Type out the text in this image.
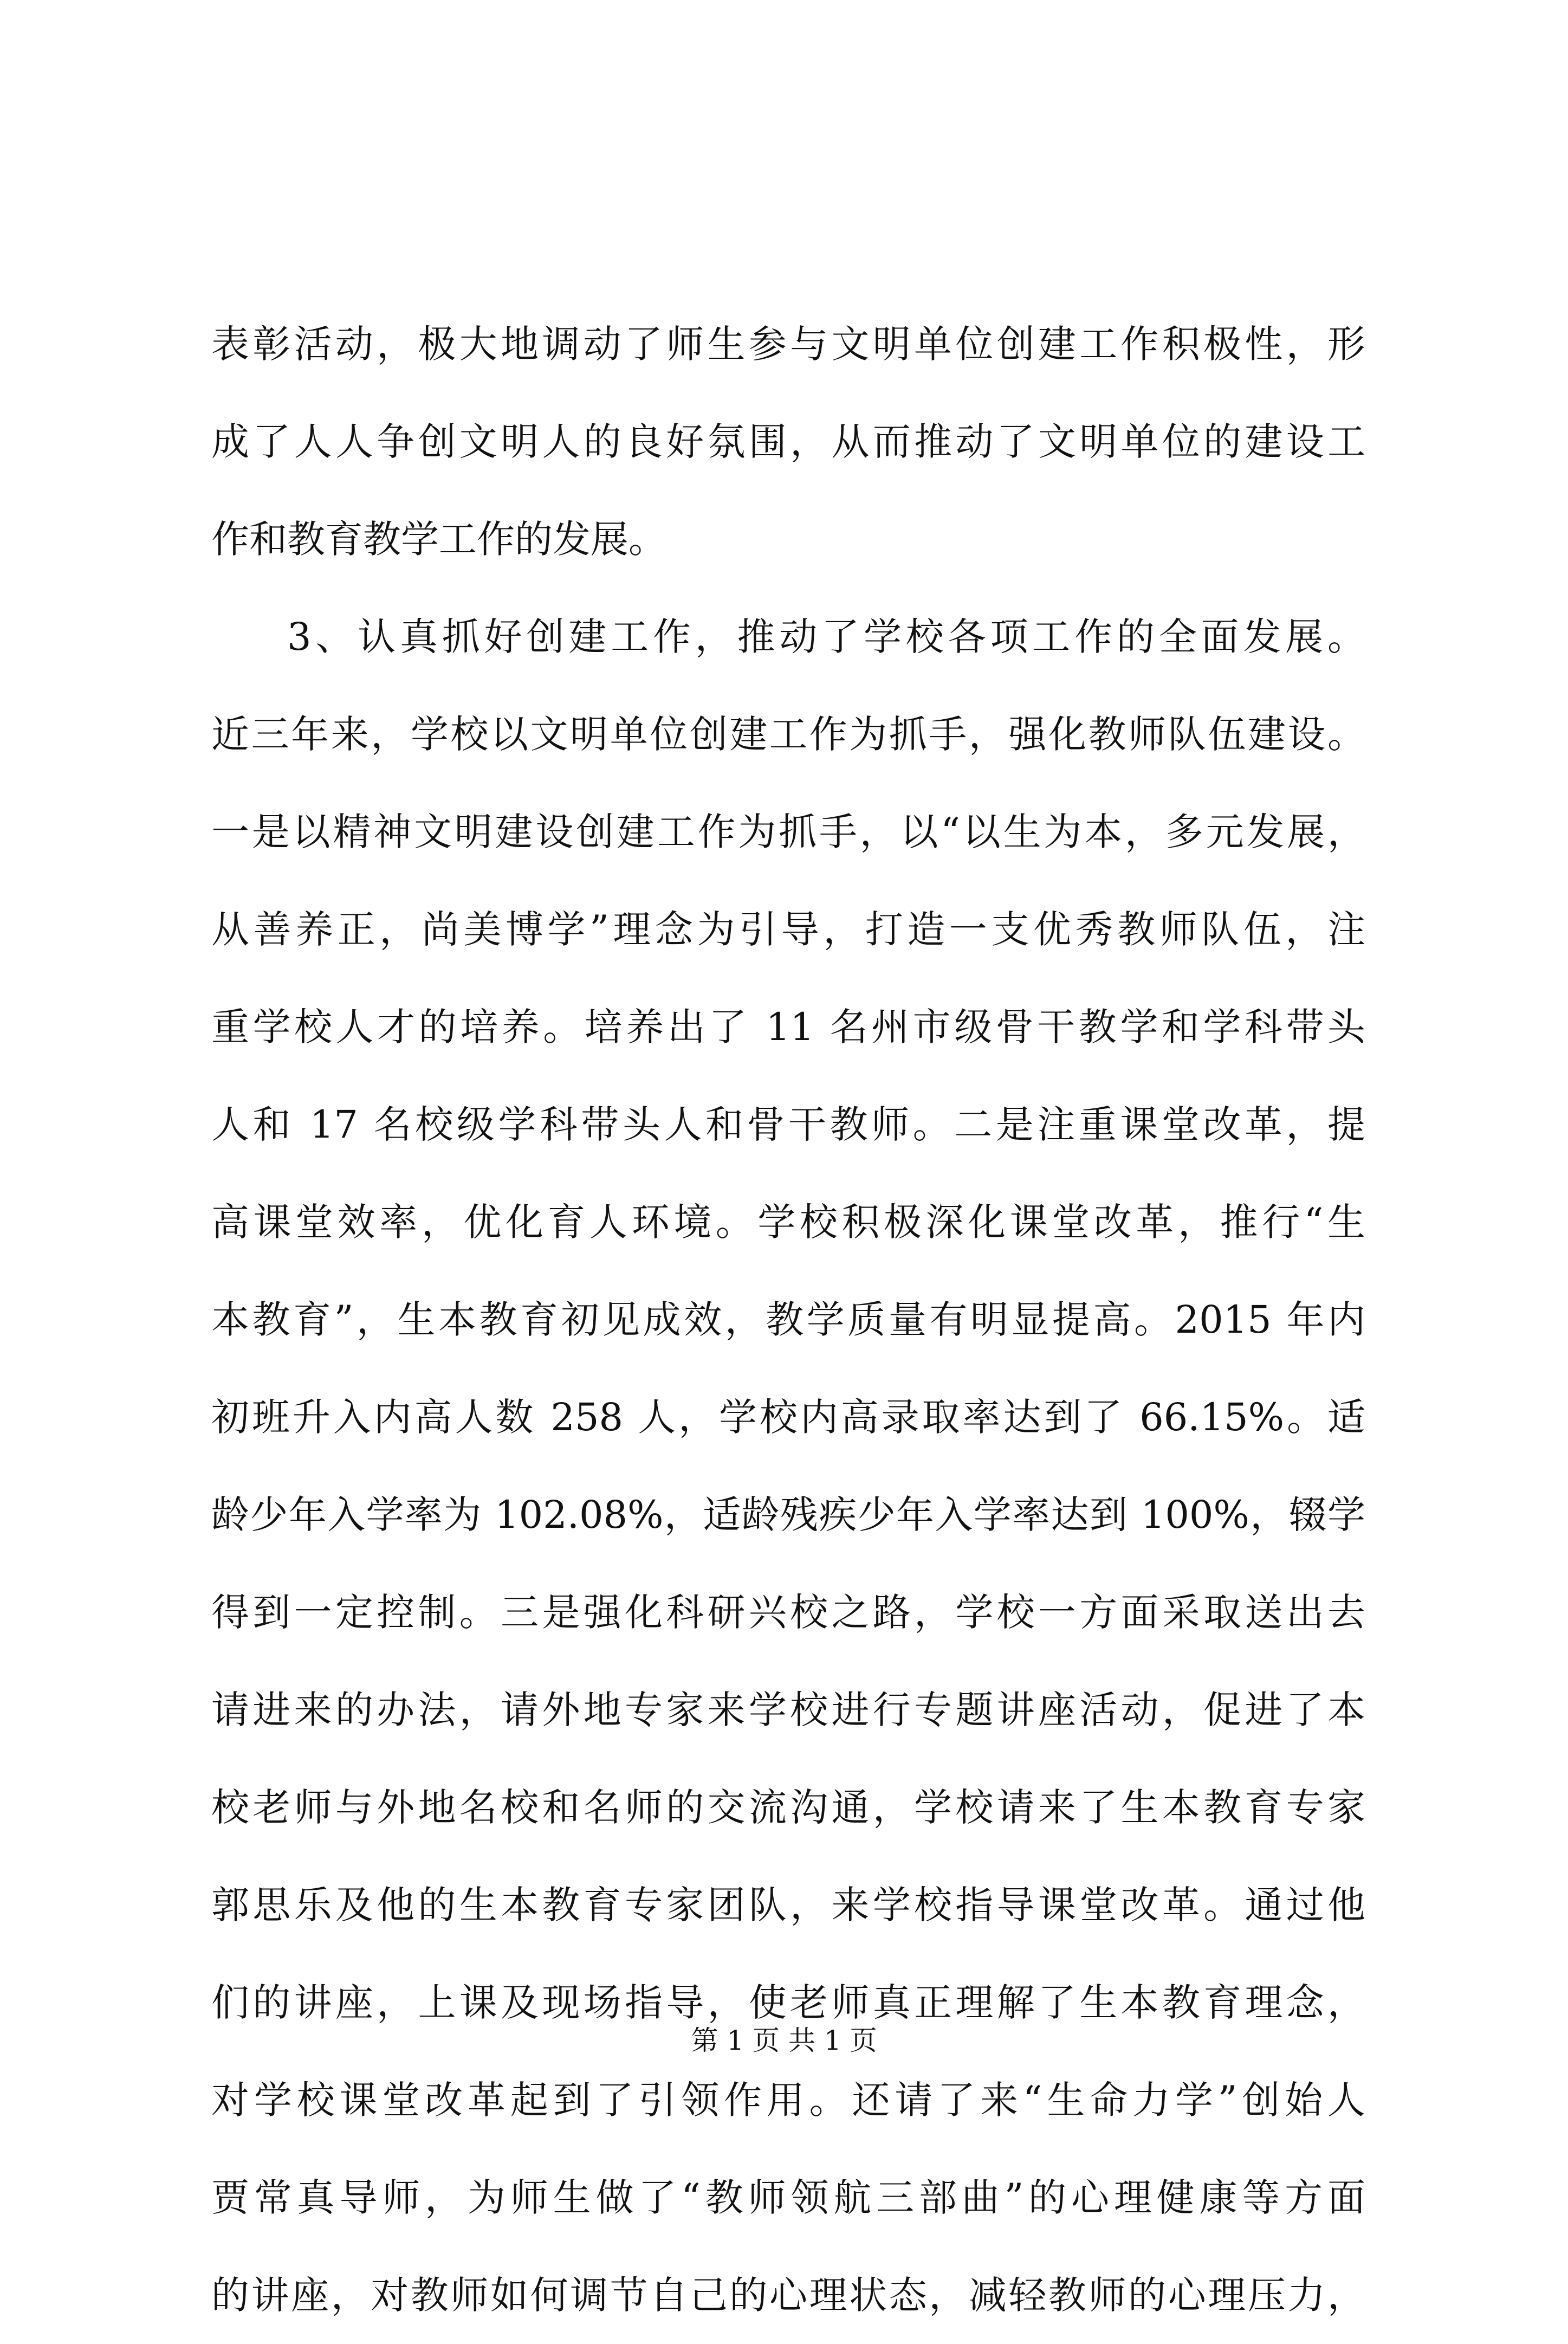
表彰活动，极大地调动了师生参与文明单位创建工作积极性，形
成了人人争创文明人的良好氛围，从而推动了文明单位的建设工
作和教育教学工作的发展。
3、认真抓好创建工作，推动了学校各项工作的全面发展。
近三年来，学校以文明单位创建工作为抓手，强化教师队伍建设。
一是以精神文明建设创建工作为抓手，以“以生为本，多元发展，
从善养正，尚美博学”理念为引导，打造一支优秀教师队伍，注
重学校人才的培养。培养出了 11 名州市级骨干教学和学科带头
人和 17 名校级学科带头人和骨干教师。二是注重课堂改革，提
高课堂效率，优化育人环境。学校积极深化课堂改革，推行“生
本教育”，生本教育初见成效，教学质量有明显提高。2015 年内
初班升入内高人数 258 人，学校内高录取率达到了 66.15%。适
龄少年入学率为 102.08%，适龄残疾少年入学率达到 100%，辍学
得到一定控制。三是强化科研兴校之路，学校一方面采取送出去
请进来的办法，请外地专家来学校进行专题讲座活动，促进了本
校老师与外地名校和名师的交流沟通，学校请来了生本教育专家
郭思乐及他的生本教育专家团队，来学校指导课堂改革。通过他
们的讲座，上课及现场指导，使老师真正理解了生本教育理念，
对学校课堂改革起到了引领作用。还请了来“生命力学”创始人
贾常真导师，为师生做了“教师领航三部曲”的心理健康等方面
的讲座，对教师如何调节自己的心理状态，减轻教师的心理压力，
第 1 页 共 1 页
